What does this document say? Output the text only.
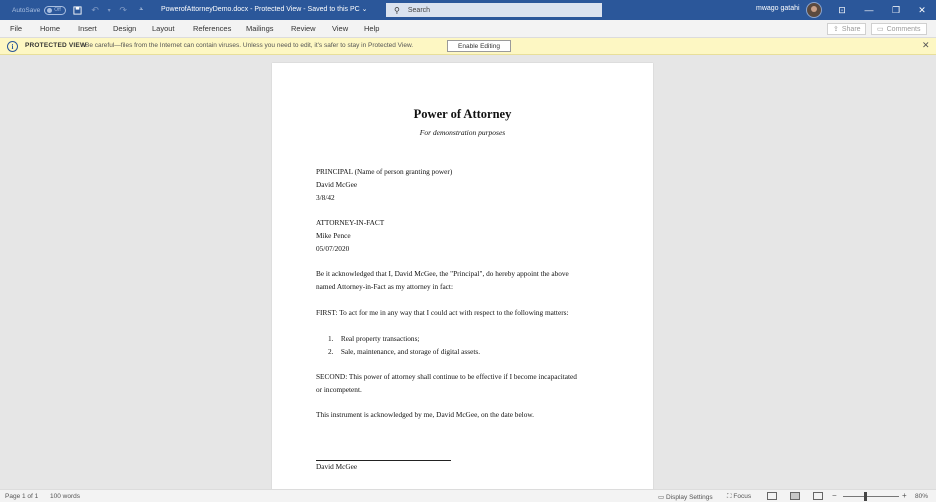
AutoSave	Off	↶	▾ ↷	⩡	PowerofAttorneyDemo.docx - Protected View - Saved to this PC ⌄	⚲ Search	mwago gatahi	⊡	—	❐	✕
File Home Insert Design Layout References Mailings Review View Help	⇪ Share ▭ Comments
i	PROTECTED VIEW
Be careful—files from the Internet can contain viruses. Unless you need to edit, it's safer to stay in Protected View.	Enable Editing	✕
Power of Attorney
For demonstration purposes
PRINCIPAL (Name of person granting power)
David McGee
3/8/42
ATTORNEY-IN-FACT
Mike Pence
05/07/2020
Be it acknowledged that I, David McGee, the "Principal", do hereby appoint the above
named Attorney-in-Fact as my attorney in fact:
FIRST: To act for me in any way that I could act with respect to the following matters:
1. Real property transactions;
2. Sale, maintenance, and storage of digital assets.
SECOND: This power of attorney shall continue to be effective if I become incapacitated
or incompetent.
This instrument is acknowledged by me, David McGee, on the date below.
David McGee
Page 1 of 1 100 words	▭ Display Settings ⛶ Focus	−	+ 80%
